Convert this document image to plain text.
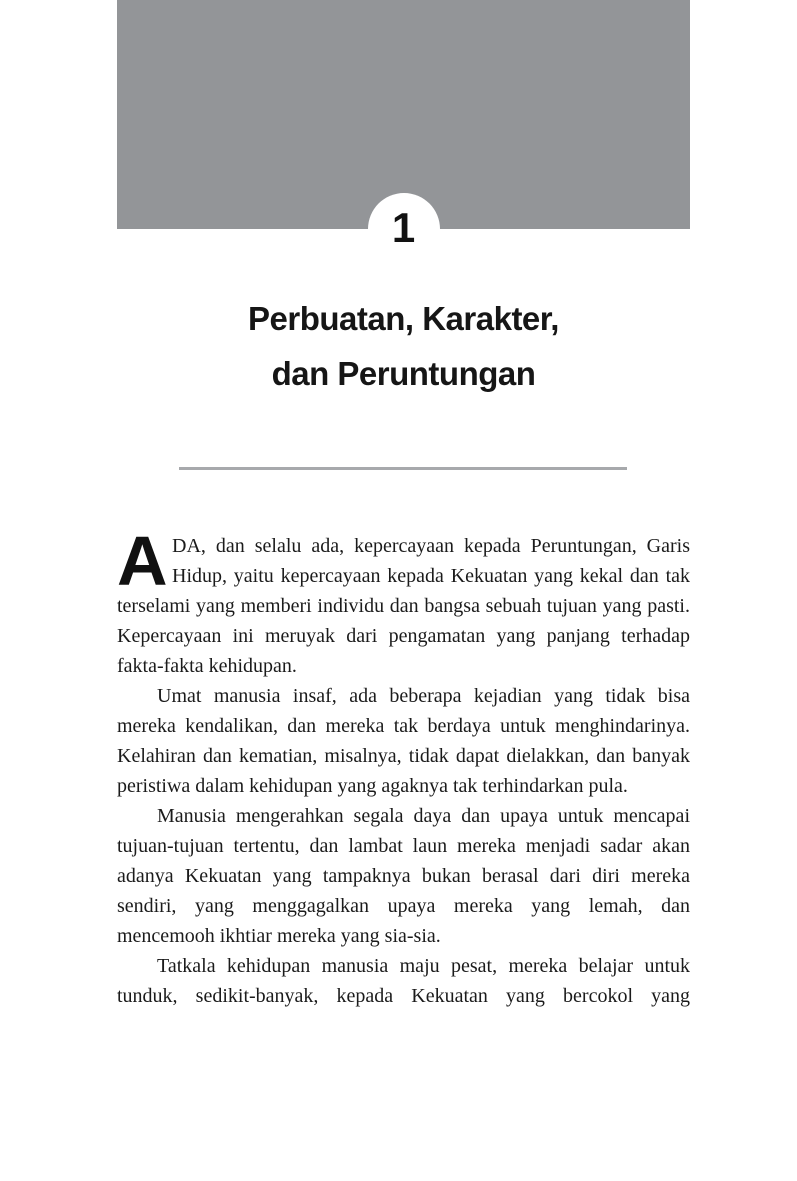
1
Perbuatan, Karakter,
dan Peruntungan

ADA, dan selalu ada, kepercayaan kepada Peruntungan, Garis Hidup, yaitu kepercayaan kepada Kekuatan yang kekal dan tak terselami yang memberi individu dan bangsa sebuah tujuan yang pasti. Kepercayaan ini meruyak dari pengamatan yang panjang terhadap fakta-fakta kehidupan.

Umat manusia insaf, ada beberapa kejadian yang tidak bisa mereka kendalikan, dan mereka tak berdaya untuk menghindarinya. Kelahiran dan kematian, misalnya, tidak dapat dielakkan, dan banyak peristiwa dalam kehidupan yang agaknya tak terhindarkan pula.

Manusia mengerahkan segala daya dan upaya untuk mencapai tujuan-tujuan tertentu, dan lambat laun mereka menjadi sadar akan adanya Kekuatan yang tampaknya bukan berasal dari diri mereka sendiri, yang menggagalkan upaya mereka yang lemah, dan mencemooh ikhtiar mereka yang sia-sia.

Tatkala kehidupan manusia maju pesat, mereka belajar untuk tunduk, sedikit-banyak, kepada Kekuatan yang bercokol yang
